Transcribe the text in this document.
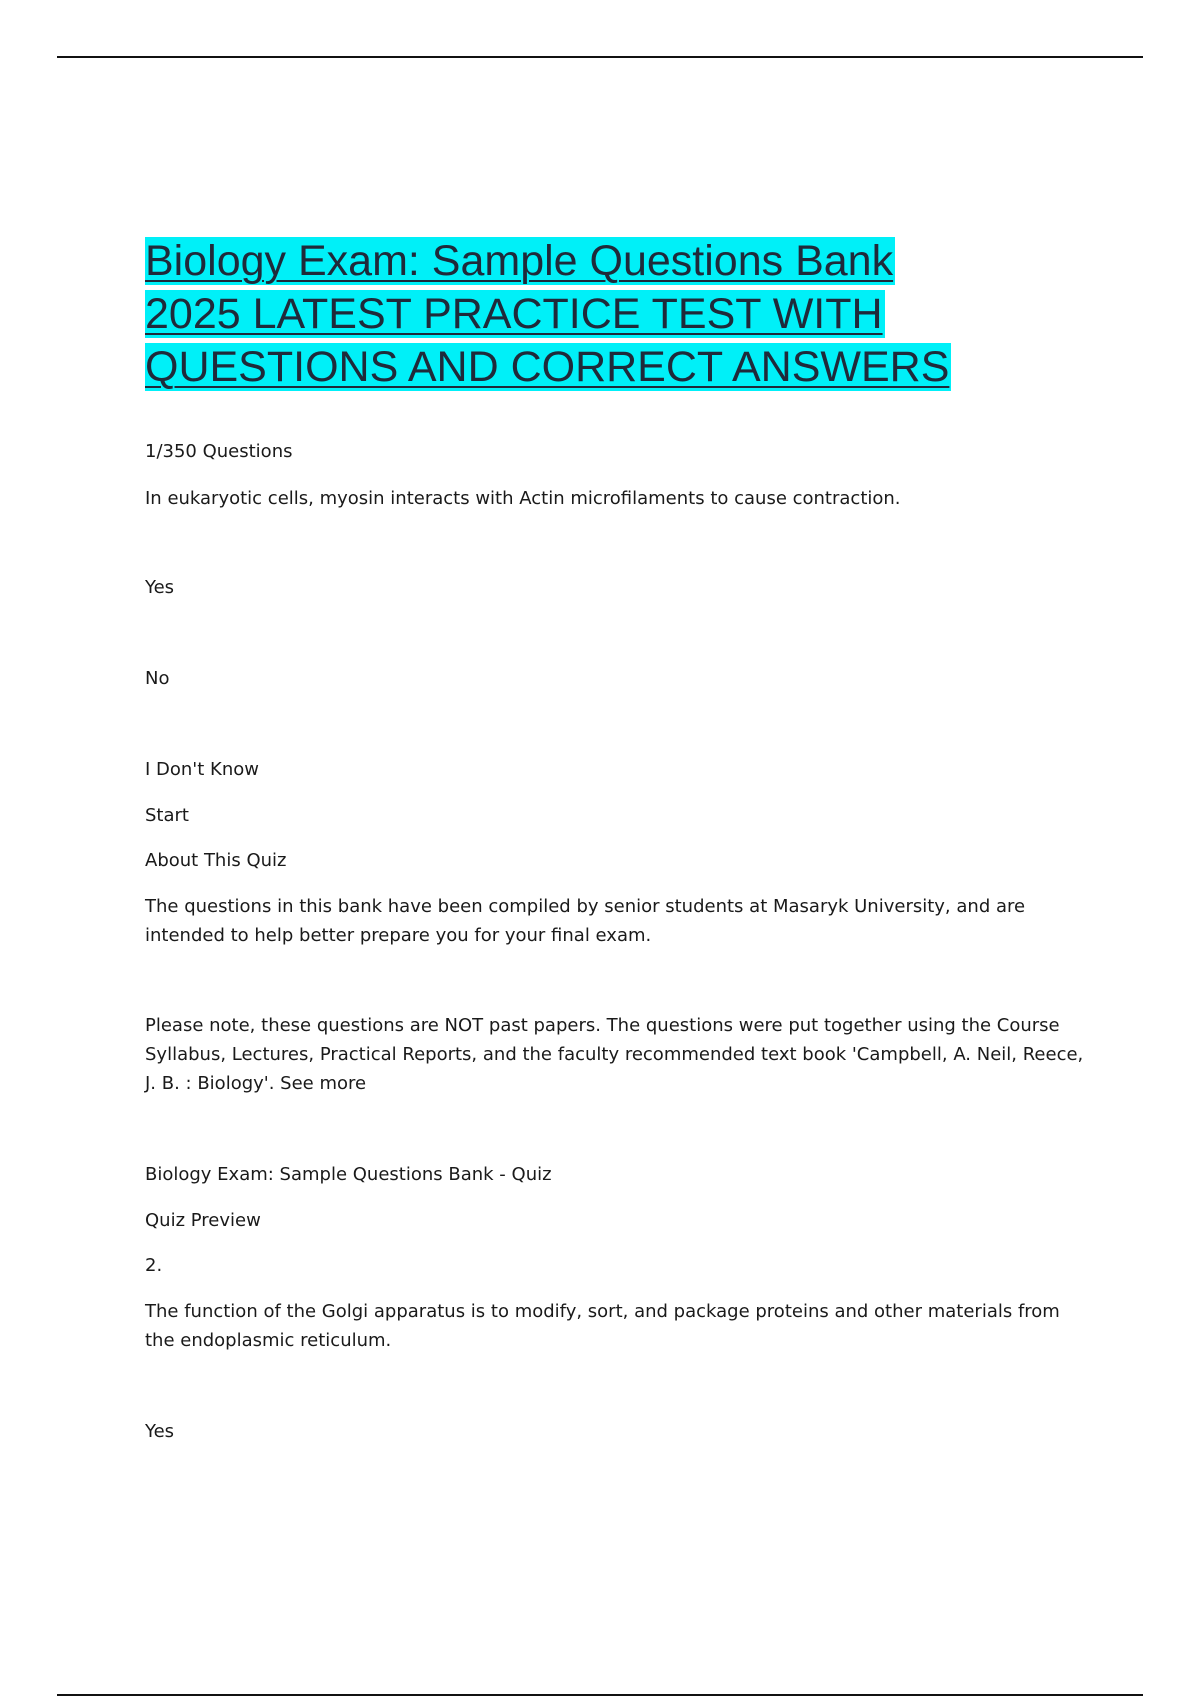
Biology Exam: Sample Questions Bank
2025 LATEST PRACTICE TEST WITH
QUESTIONS AND CORRECT ANSWERS
1/350 Questions
In eukaryotic cells, myosin interacts with Actin microfilaments to cause contraction.
Yes
No
I Don't Know
Start
About This Quiz
The questions in this bank have been compiled by senior students at Masaryk University, and are
intended to help better prepare you for your final exam.
Please note, these questions are NOT past papers. The questions were put together using the Course
Syllabus, Lectures, Practical Reports, and the faculty recommended text book 'Campbell, A. Neil, Reece,
J. B. : Biology'. See more
Biology Exam: Sample Questions Bank - Quiz
Quiz Preview
2.
The function of the Golgi apparatus is to modify, sort, and package proteins and other materials from
the endoplasmic reticulum.
Yes
